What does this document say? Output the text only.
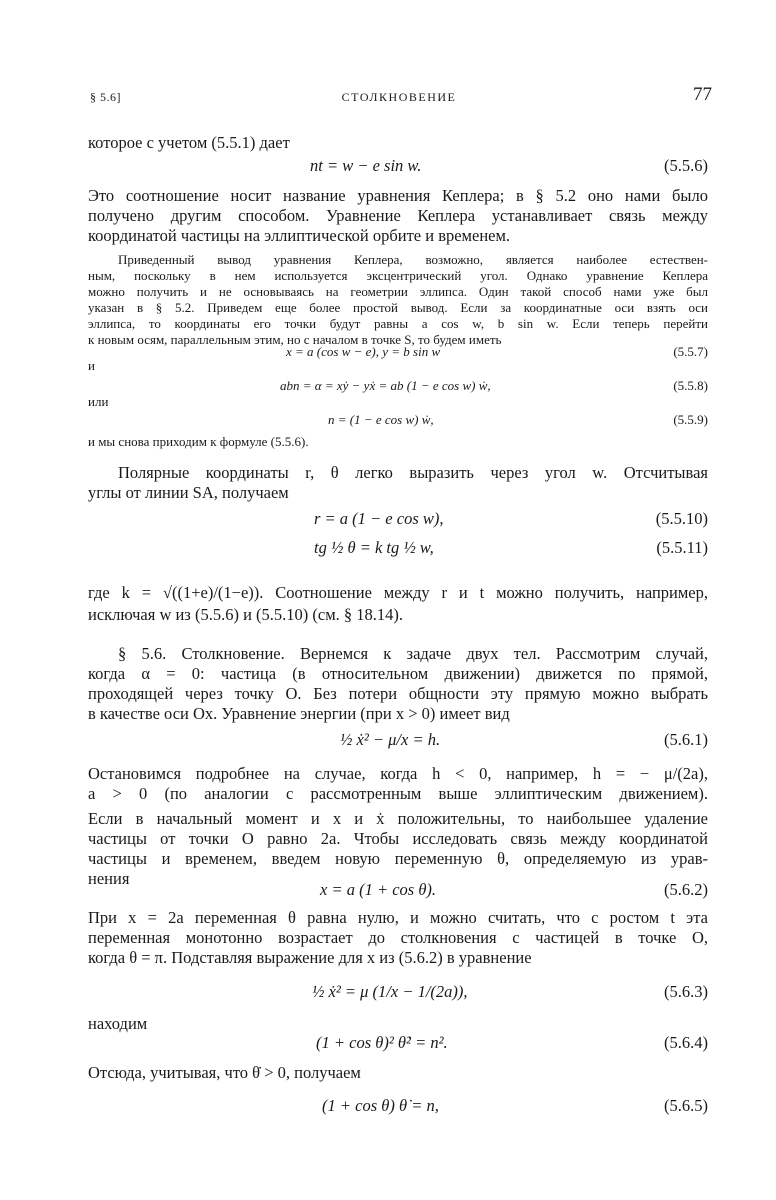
§ 5.6]	СТОЛКНОВЕНИЕ	77
которое с учетом (5.5.1) дает
nt = w − e sin w.	(5.5.6)
Это соотношение носит название уравнения Кеплера; в § 5.2 оно нами было
получено другим способом. Уравнение Кеплера устанавливает связь между
координатой частицы на эллиптической орбите и временем.
Приведенный вывод уравнения Кеплера, возможно, является наиболее естествен-
ным, поскольку в нем используется эксцентрический угол. Однако уравнение Кеплера
можно получить и не основываясь на геометрии эллипса. Один такой способ нами уже был
указан в § 5.2. Приведем еще более простой вывод. Если за координатные оси взять оси
эллипса, то координаты его точки будут равны a cos w, b sin w. Если теперь перейти
к новым осям, параллельным этим, но с началом в точке S, то будем иметь
x = a (cos w − e), y = b sin w	(5.5.7)
и
abn = α = xẏ − yẋ = ab (1 − e cos w) ẇ,	(5.5.8)
или
n = (1 − e cos w) ẇ,	(5.5.9)
и мы снова приходим к формуле (5.5.6).
Полярные координаты r, θ легко выразить через угол w. Отсчитывая
углы от линии SA, получаем
r = a (1 − e cos w),	(5.5.10)
tg ½ θ = k tg ½ w,	(5.5.11)
где k = √((1+e)/(1−e)). Соотношение между r и t можно получить, например,
исключая w из (5.5.6) и (5.5.10) (см. § 18.14).
§ 5.6. Столкновение. Вернемся к задаче двух тел. Рассмотрим случай,
когда α = 0: частица (в относительном движении) движется по прямой,
проходящей через точку O. Без потери общности эту прямую можно выбрать
в качестве оси Ox. Уравнение энергии (при x > 0) имеет вид
½ ẋ² − μ/x = h.	(5.6.1)
Остановимся подробнее на случае, когда h < 0, например, h = − μ/(2a),
a > 0 (по аналогии с рассмотренным выше эллиптическим движением).
Если в начальный момент и x и ẋ положительны, то наибольшее удаление
частицы от точки O равно 2a. Чтобы исследовать связь между координатой
частицы и временем, введем новую переменную θ, определяемую из урав-
нения
x = a (1 + cos θ).	(5.6.2)
При x = 2a переменная θ равна нулю, и можно считать, что с ростом t эта
переменная монотонно возрастает до столкновения с частицей в точке O,
когда θ = π. Подставляя выражение для x из (5.6.2) в уравнение
½ ẋ² = μ (1/x − 1/(2a)),	(5.6.3)
находим
(1 + cos θ)² θ̇² = n².	(5.6.4)
Отсюда, учитывая, что θ̇ > 0, получаем
(1 + cos θ) θ̇ = n,	(5.6.5)
